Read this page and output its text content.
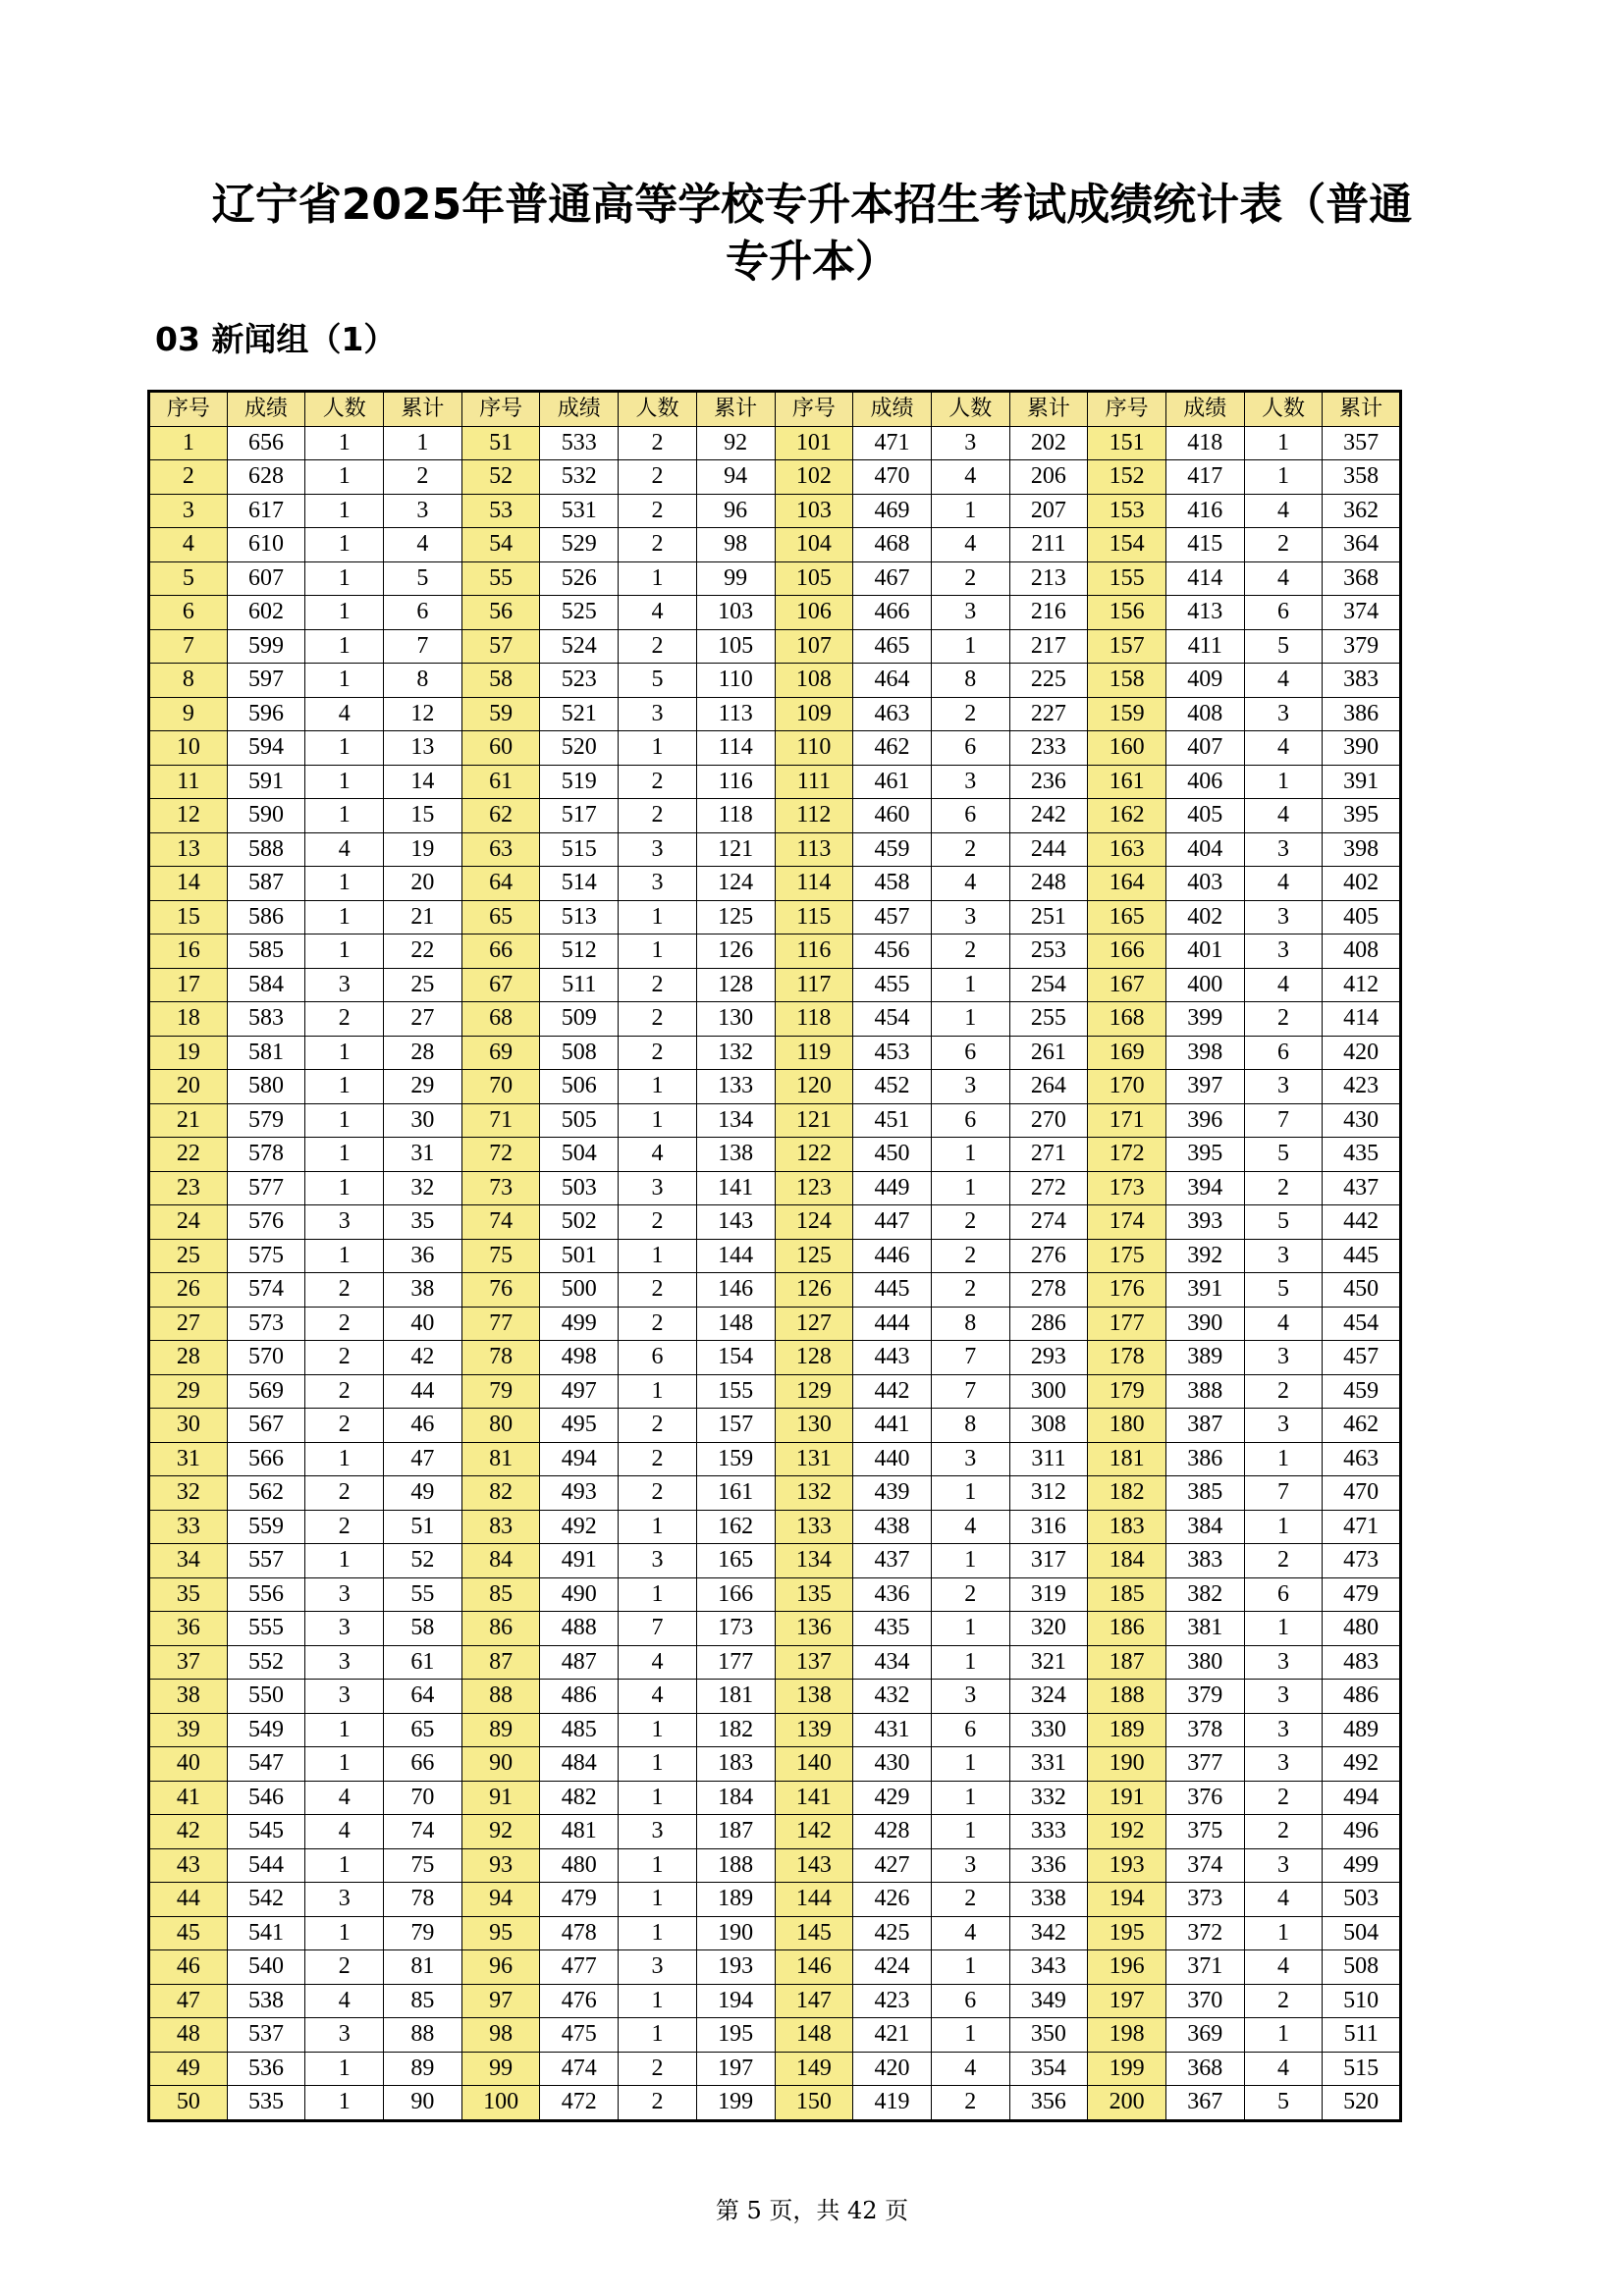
辽宁省2025年普通高等学校专升本招生考试成绩统计表（普通
专升本）
03 新闻组（1）
序号	成绩	人数	累计	序号	成绩	人数	累计	序号	成绩	人数	累计	序号	成绩	人数	累计
1	656	1	1	51	533	2	92	101	471	3	202	151	418	1	357
2	628	1	2	52	532	2	94	102	470	4	206	152	417	1	358
3	617	1	3	53	531	2	96	103	469	1	207	153	416	4	362
4	610	1	4	54	529	2	98	104	468	4	211	154	415	2	364
5	607	1	5	55	526	1	99	105	467	2	213	155	414	4	368
6	602	1	6	56	525	4	103	106	466	3	216	156	413	6	374
7	599	1	7	57	524	2	105	107	465	1	217	157	411	5	379
8	597	1	8	58	523	5	110	108	464	8	225	158	409	4	383
9	596	4	12	59	521	3	113	109	463	2	227	159	408	3	386
10	594	1	13	60	520	1	114	110	462	6	233	160	407	4	390
11	591	1	14	61	519	2	116	111	461	3	236	161	406	1	391
12	590	1	15	62	517	2	118	112	460	6	242	162	405	4	395
13	588	4	19	63	515	3	121	113	459	2	244	163	404	3	398
14	587	1	20	64	514	3	124	114	458	4	248	164	403	4	402
15	586	1	21	65	513	1	125	115	457	3	251	165	402	3	405
16	585	1	22	66	512	1	126	116	456	2	253	166	401	3	408
17	584	3	25	67	511	2	128	117	455	1	254	167	400	4	412
18	583	2	27	68	509	2	130	118	454	1	255	168	399	2	414
19	581	1	28	69	508	2	132	119	453	6	261	169	398	6	420
20	580	1	29	70	506	1	133	120	452	3	264	170	397	3	423
21	579	1	30	71	505	1	134	121	451	6	270	171	396	7	430
22	578	1	31	72	504	4	138	122	450	1	271	172	395	5	435
23	577	1	32	73	503	3	141	123	449	1	272	173	394	2	437
24	576	3	35	74	502	2	143	124	447	2	274	174	393	5	442
25	575	1	36	75	501	1	144	125	446	2	276	175	392	3	445
26	574	2	38	76	500	2	146	126	445	2	278	176	391	5	450
27	573	2	40	77	499	2	148	127	444	8	286	177	390	4	454
28	570	2	42	78	498	6	154	128	443	7	293	178	389	3	457
29	569	2	44	79	497	1	155	129	442	7	300	179	388	2	459
30	567	2	46	80	495	2	157	130	441	8	308	180	387	3	462
31	566	1	47	81	494	2	159	131	440	3	311	181	386	1	463
32	562	2	49	82	493	2	161	132	439	1	312	182	385	7	470
33	559	2	51	83	492	1	162	133	438	4	316	183	384	1	471
34	557	1	52	84	491	3	165	134	437	1	317	184	383	2	473
35	556	3	55	85	490	1	166	135	436	2	319	185	382	6	479
36	555	3	58	86	488	7	173	136	435	1	320	186	381	1	480
37	552	3	61	87	487	4	177	137	434	1	321	187	380	3	483
38	550	3	64	88	486	4	181	138	432	3	324	188	379	3	486
39	549	1	65	89	485	1	182	139	431	6	330	189	378	3	489
40	547	1	66	90	484	1	183	140	430	1	331	190	377	3	492
41	546	4	70	91	482	1	184	141	429	1	332	191	376	2	494
42	545	4	74	92	481	3	187	142	428	1	333	192	375	2	496
43	544	1	75	93	480	1	188	143	427	3	336	193	374	3	499
44	542	3	78	94	479	1	189	144	426	2	338	194	373	4	503
45	541	1	79	95	478	1	190	145	425	4	342	195	372	1	504
46	540	2	81	96	477	3	193	146	424	1	343	196	371	4	508
47	538	4	85	97	476	1	194	147	423	6	349	197	370	2	510
48	537	3	88	98	475	1	195	148	421	1	350	198	369	1	511
49	536	1	89	99	474	2	197	149	420	4	354	199	368	4	515
50	535	1	90	100	472	2	199	150	419	2	356	200	367	5	520
第 5 页，共 42 页
